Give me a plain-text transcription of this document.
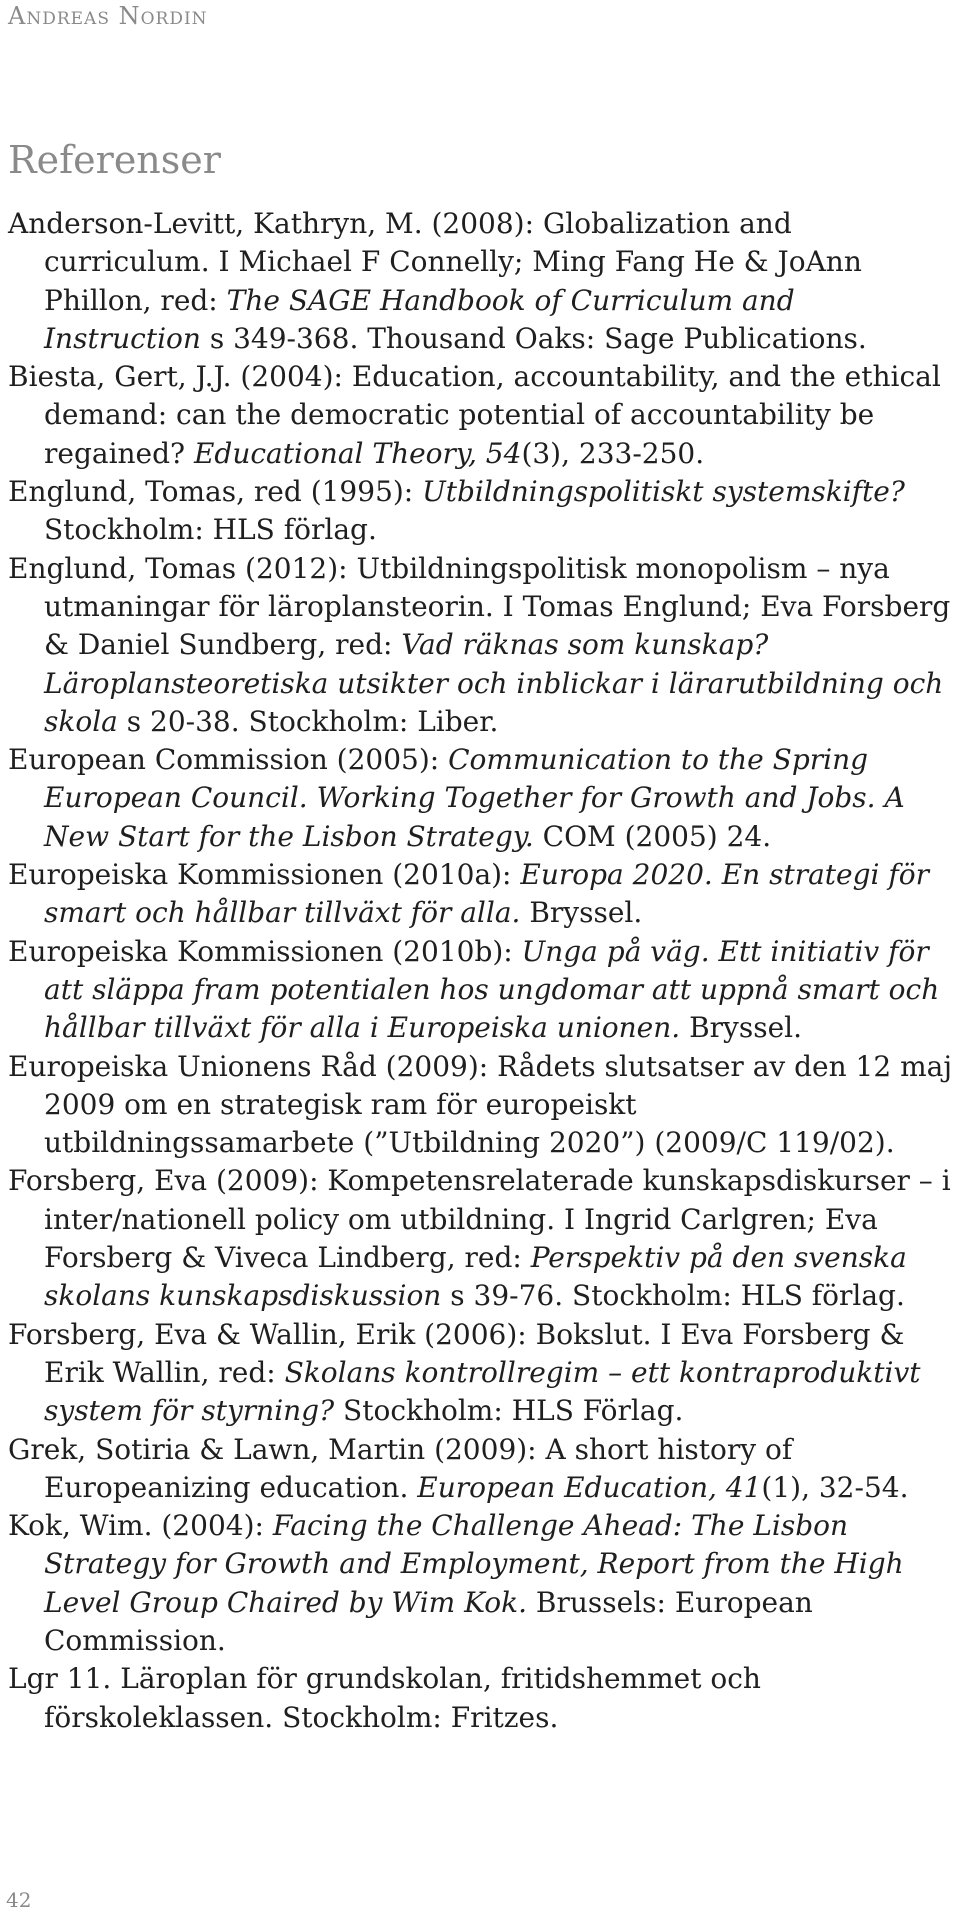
Andreas Nordin
Referenser
Anderson-Levitt, Kathryn, M. (2008): Globalization and curriculum. I Michael F Connelly; Ming Fang He & JoAnn Phillon, red: The SAGE Handbook of Curriculum and Instruction s 349-368. Thousand Oaks: Sage Publications.
Biesta, Gert, J.J. (2004): Education, accountability, and the ethical demand: can the democratic potential of accountability be regained? Educational Theory, 54(3), 233-250.
Englund, Tomas, red (1995): Utbildningspolitiskt systemskifte? Stockholm: HLS förlag.
Englund, Tomas (2012): Utbildningspolitisk monopolism – nya utmaningar för läroplansteorin. I Tomas Englund; Eva Forsberg & Daniel Sundberg, red: Vad räknas som kunskap? Läroplansteoretiska utsikter och inblickar i lärarutbildning och skola s 20-38. Stockholm: Liber.
European Commission (2005): Communication to the Spring European Council. Working Together for Growth and Jobs. A New Start for the Lisbon Strategy. COM (2005) 24.
Europeiska Kommissionen (2010a): Europa 2020. En strategi för smart och hållbar tillväxt för alla. Bryssel.
Europeiska Kommissionen (2010b): Unga på väg. Ett initiativ för att släppa fram potentialen hos ungdomar att uppnå smart och hållbar tillväxt för alla i Europeiska unionen. Bryssel.
Europeiska Unionens Råd (2009): Rådets slutsatser av den 12 maj 2009 om en strategisk ram för europeiskt utbildningssamarbete (”Utbildning 2020”) (2009/C 119/02).
Forsberg, Eva (2009): Kompetensrelaterade kunskapsdiskurser – i inter/nationell policy om utbildning. I Ingrid Carlgren; Eva Forsberg & Viveca Lindberg, red: Perspektiv på den svenska skolans kunskapsdiskussion s 39-76. Stockholm: HLS förlag.
Forsberg, Eva & Wallin, Erik (2006): Bokslut. I Eva Forsberg & Erik Wallin, red: Skolans kontrollregim – ett kontraproduktivt system för styrning? Stockholm: HLS Förlag.
Grek, Sotiria & Lawn, Martin (2009): A short history of Europeanizing education. European Education, 41(1), 32-54.
Kok, Wim. (2004): Facing the Challenge Ahead: The Lisbon Strategy for Growth and Employment, Report from the High Level Group Chaired by Wim Kok. Brussels: European Commission.
Lgr 11. Läroplan för grundskolan, fritidshemmet och förskoleklassen. Stockholm: Fritzes.
42
